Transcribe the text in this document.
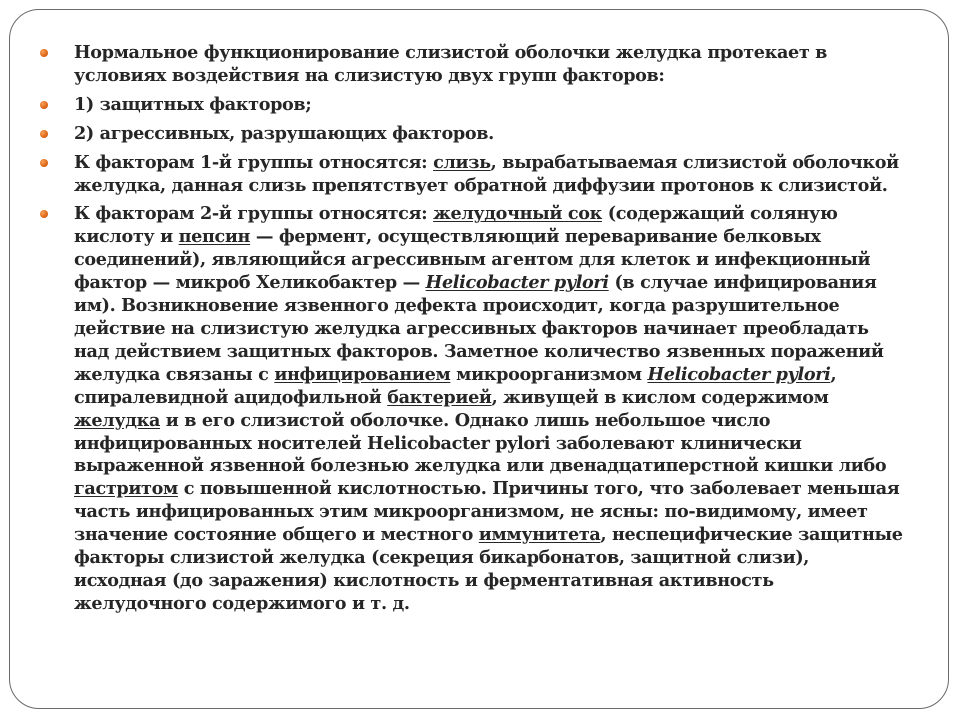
Нормальное функционирование слизистой оболочки желудка протекает в условиях воздействия на слизистую двух групп факторов:
1) защитных факторов;
2) агрессивных, разрушающих факторов.
К факторам 1-й группы относятся: слизь, вырабатываемая слизистой оболочкой желудка, данная слизь препятствует обратной диффузии протонов к слизистой.
К факторам 2-й группы относятся: желудочный сок (содержащий соляную кислоту и пепсин — фермент, осуществляющий переваривание белковых соединений), являющийся агрессивным агентом для клеток и инфекционный фактор — микроб Хеликобактер — Helicobacter pylori (в случае инфицирования им). Возникновение язвенного дефекта происходит, когда разрушительное действие на слизистую желудка агрессивных факторов начинает преобладать над действием защитных факторов. Заметное количество язвенных поражений желудка связаны с инфицированием микроорганизмом Helicobacter pylori, спиралевидной ацидофильной бактерией, живущей в кислом содержимом желудка и в его слизистой оболочке. Однако лишь небольшое число инфицированных носителей Helicobacter pylori заболевают клинически выраженной язвенной болезнью желудка или двенадцатиперстной кишки либо гастритом с повышенной кислотностью. Причины того, что заболевает меньшая часть инфицированных этим микроорганизмом, не ясны: по-видимому, имеет значение состояние общего и местного иммунитета, неспецифические защитные факторы слизистой желудка (секреция бикарбонатов, защитной слизи), исходная (до заражения) кислотность и ферментативная активность желудочного содержимого и т. д.
